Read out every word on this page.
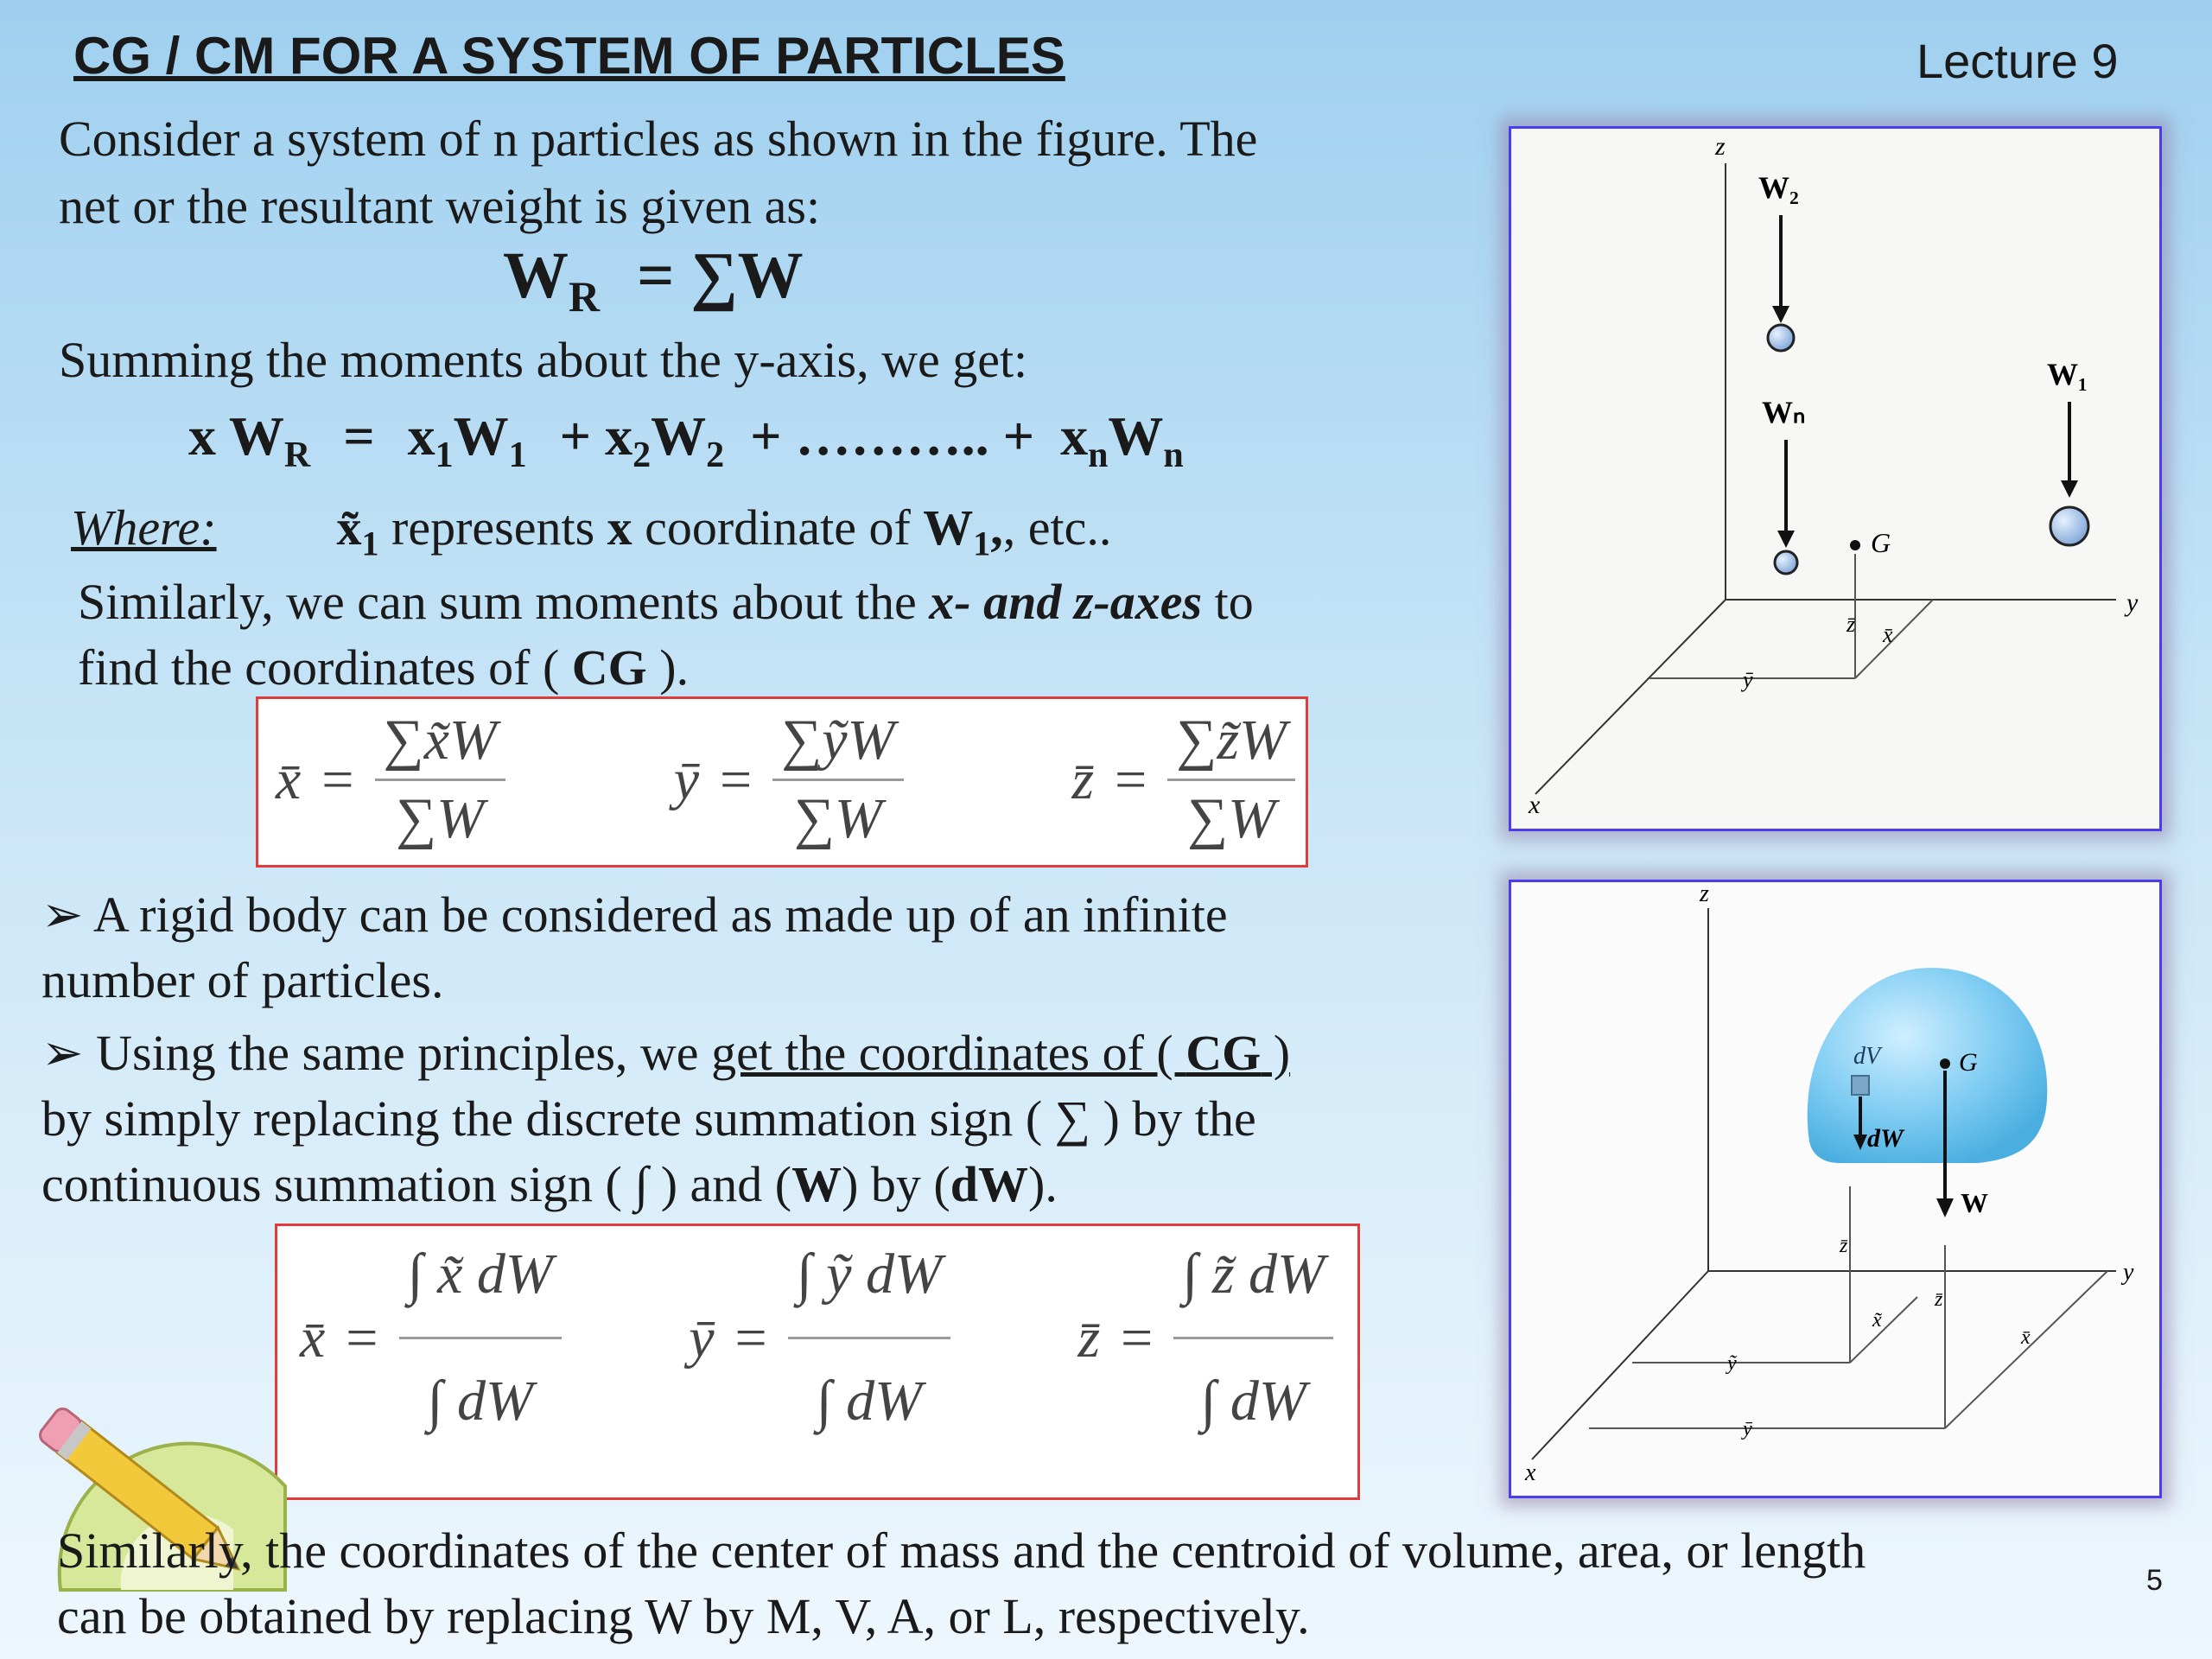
CG / CM FOR A SYSTEM OF PARTICLES	Lecture 9
Consider a system of n particles as shown in the figure. The
net or the resultant weight is given as:
$W_R = \sum W$
Summing the moments about the y-axis, we get:
x $W_R = x_1W_1 + x_2W_2$ + ……….. + $x_nW_n$
Where: $x̃_1$ represents x coordinate of $W_1$,, etc..
Similarly, we can sum moments about the x- and z-axes to
find the coordinates of ( CG ).
x̄ = $\frac{\sum x̃W}{\sum W}$	ȳ = $\frac{\text{∑ỹW}}{\sum W}$	z̄ = $\frac{\sum z̃W}{\sum W}$
➢ A rigid body can be considered as made up of an infinite
number of particles.
➢ Using the same principles, we get the coordinates of ( CG )
by simply replacing the discrete summation sign ( ∑ ) by the
continuous summation sign ( ∫ ) and (W) by (dW).
x̄ = $\frac{\int x̃ dW}{\int dW}$ ȳ = $\frac{\text{∫ ỹ dW}}{\int dW}$ z̄ = $\frac{\int z̃ dW}{\int dW}$
Similarly, the coordinates of the center of mass and the centroid of volume, area, or length
can be obtained by replacing W by M, V, A, or L, respectively.
z
y
x
W₂
Wₙ
W₁
G
z̄ x̄
ȳ
z
y
x
dV
dW
G
W
z̄
z̄
x̃
x̄
ỹ
ȳ
5
